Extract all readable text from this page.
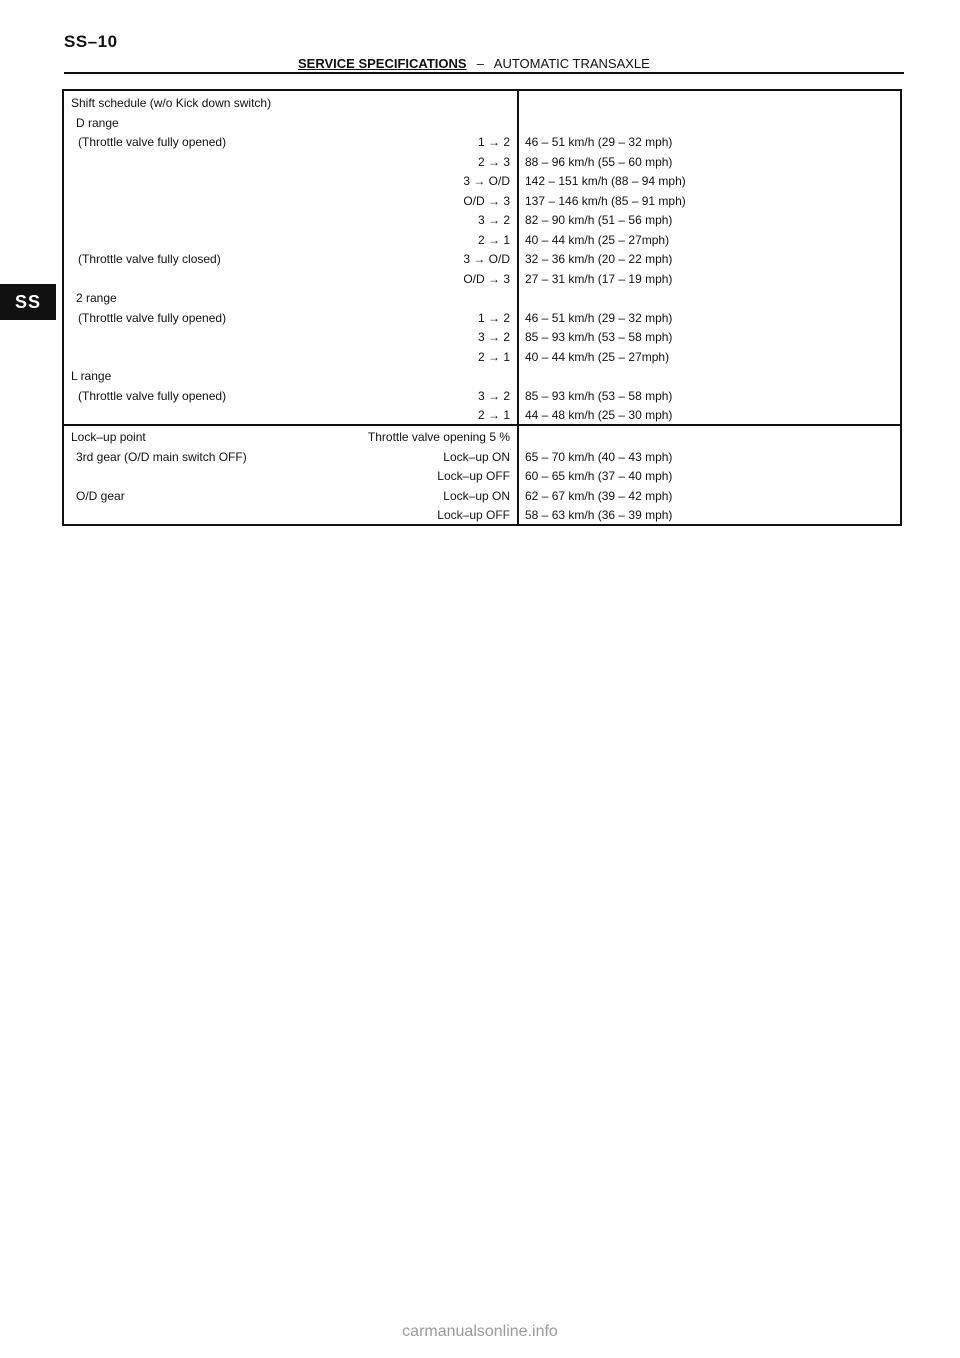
SS–10
SERVICE SPECIFICATIONS – AUTOMATIC TRANSAXLE
SS
Shift schedule (w/o Kick down switch)
D range
(Throttle valve fully opened)	1 → 2 46 – 51 km/h (29 – 32 mph)
2 → 3 88 – 96 km/h (55 – 60 mph)
3 → O/D 142 – 151 km/h (88 – 94 mph)
O/D → 3 137 – 146 km/h (85 – 91 mph)
3 → 2 82 – 90 km/h (51 – 56 mph)
2 → 1 40 – 44 km/h (25 – 27mph)
(Throttle valve fully closed)	3 → O/D 32 – 36 km/h (20 – 22 mph)
O/D → 3 27 – 31 km/h (17 – 19 mph)
2 range
(Throttle valve fully opened)	1 → 2 46 – 51 km/h (29 – 32 mph)
3 → 2 85 – 93 km/h (53 – 58 mph)
2 → 1 40 – 44 km/h (25 – 27mph)
L range
(Throttle valve fully opened)	3 → 2 85 – 93 km/h (53 – 58 mph)
2 → 1 44 – 48 km/h (25 – 30 mph)
Lock–up point	Throttle valve opening 5 %
3rd gear (O/D main switch OFF)	Lock–up ON 65 – 70 km/h (40 – 43 mph)
Lock–up OFF 60 – 65 km/h (37 – 40 mph)
O/D gear	Lock–up ON 62 – 67 km/h (39 – 42 mph)
Lock–up OFF 58 – 63 km/h (36 – 39 mph)
carmanualsonline.info
